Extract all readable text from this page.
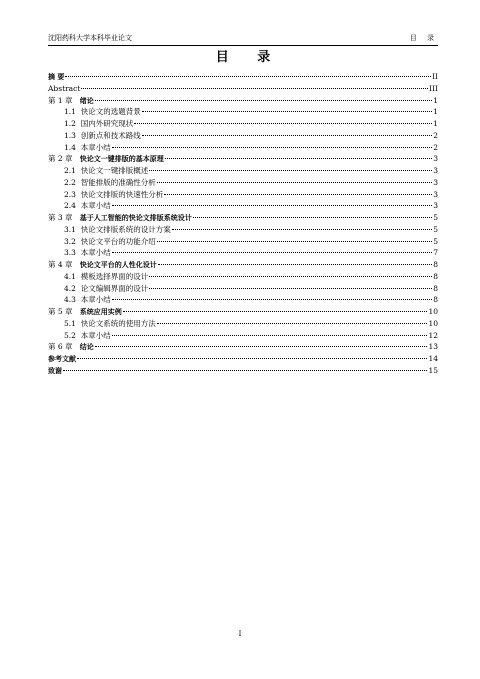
沈阳药科大学本科毕业论文	目 录
目 录
摘 要	II
Abstract	III
第 1 章 绪论	1
1.1 快论文的选题背景	1
1.2 国内外研究现状	1
1.3 创新点和技术路线	2
1.4 本章小结	2
第 2 章 快论文一键排版的基本原理	3
2.1 快论文一键排版概述	3
2.2 智能排版的准确性分析	3
2.3 快论文排版的快速性分析	3
2.4 本章小结	3
第 3 章 基于人工智能的快论文排版系统设计	5
3.1 快论文排版系统的设计方案	5
3.2 快论文平台的功能介绍	5
3.3 本章小结	7
第 4 章 快论文平台的人性化设计	8
4.1 模板选择界面的设计	8
4.2 论文编辑界面的设计	8
4.3 本章小结	8
第 5 章 系统应用实例	10
5.1 快论文系统的使用方法	10
5.2 本章小结	12
第 6 章 结论	13
参考文献	14
致谢	15
I
